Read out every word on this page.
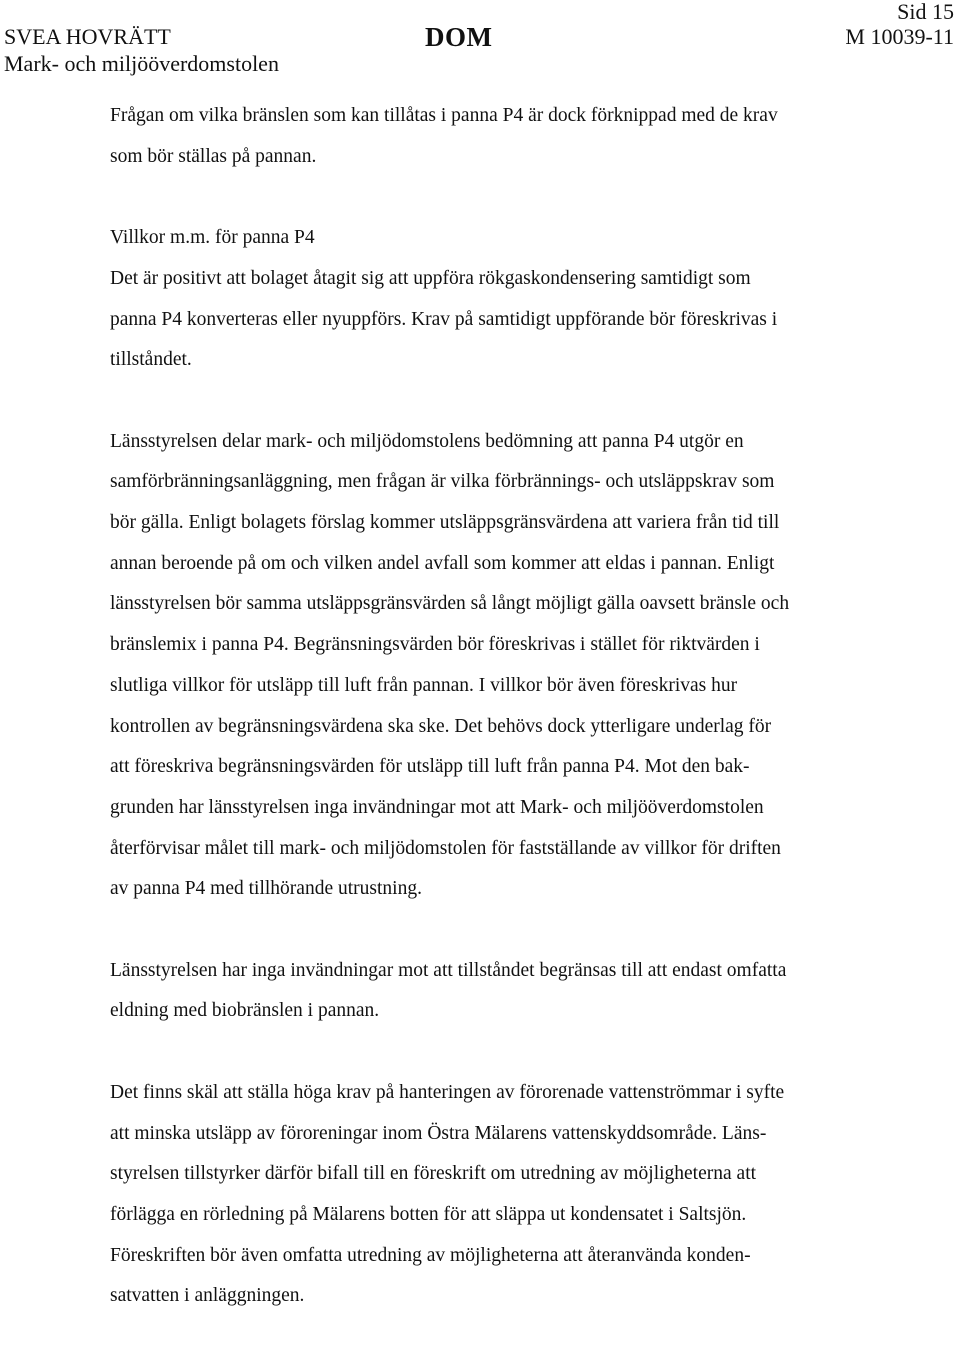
SVEA HOVRÄTT
Mark- och miljööverdomstolen
DOM
Sid 15
M 10039-11

Frågan om vilka bränslen som kan tillåtas i panna P4 är dock förknippad med de krav
som bör ställas på pannan.

Villkor m.m. för panna P4
Det är positivt att bolaget åtagit sig att uppföra rökgaskondensering samtidigt som
panna P4 konverteras eller nyuppförs. Krav på samtidigt uppförande bör föreskrivas i
tillståndet.

Länsstyrelsen delar mark- och miljödomstolens bedömning att panna P4 utgör en
samförbränningsanläggning, men frågan är vilka förbrännings- och utsläppskrav som
bör gälla. Enligt bolagets förslag kommer utsläppsgränsvärdena att variera från tid till
annan beroende på om och vilken andel avfall som kommer att eldas i pannan. Enligt
länsstyrelsen bör samma utsläppsgränsvärden så långt möjligt gälla oavsett bränsle och
bränslemix i panna P4. Begränsningsvärden bör föreskrivas i stället för riktvärden i
slutliga villkor för utsläpp till luft från pannan. I villkor bör även föreskrivas hur
kontrollen av begränsningsvärdena ska ske. Det behövs dock ytterligare underlag för
att föreskriva begränsningsvärden för utsläpp till luft från panna P4. Mot den bak-
grunden har länsstyrelsen inga invändningar mot att Mark- och miljööverdomstolen
återförvisar målet till mark- och miljödomstolen för fastställande av villkor för driften
av panna P4 med tillhörande utrustning.

Länsstyrelsen har inga invändningar mot att tillståndet begränsas till att endast omfatta
eldning med biobränslen i pannan.

Det finns skäl att ställa höga krav på hanteringen av förorenade vattenströmmar i syfte
att minska utsläpp av föroreningar inom Östra Mälarens vattenskyddsområde. Läns-
styrelsen tillstyrker därför bifall till en föreskrift om utredning av möjligheterna att
förlägga en rörledning på Mälarens botten för att släppa ut kondensatet i Saltsjön.
Föreskriften bör även omfatta utredning av möjligheterna att återanvända konden-
satvatten i anläggningen.
